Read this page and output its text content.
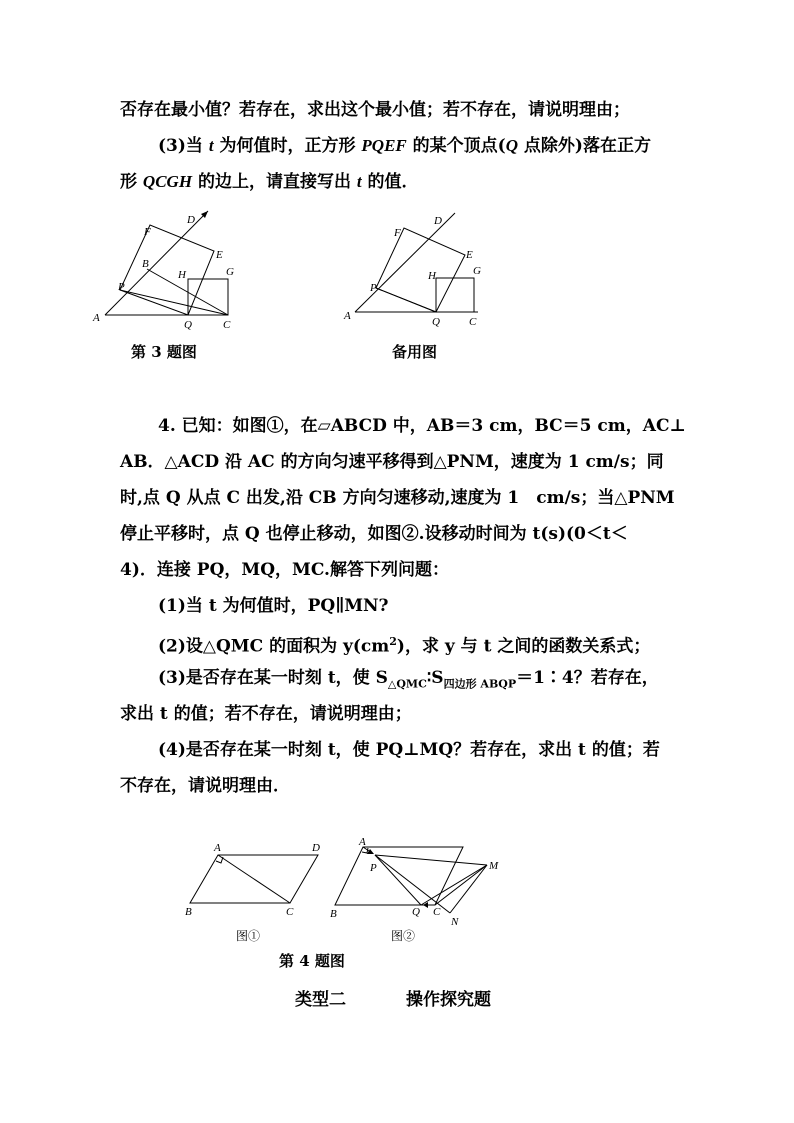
否存在最小值？若存在，求出这个最小值；若不存在，请说明理由；
(3)当 t 为何值时，正方形 PQEF 的某个顶点(Q 点除外)落在正方
形 QCGH 的边上，请直接写出 t 的值．
A
B
C
D
E
F
G
H
P
Q
A	C
D
E
F
G
H
P
Q
第 3 题图	备用图
4. 已知：如图①，在▱ABCD 中，AB＝3 cm，BC＝5 cm，AC⊥
AB．△ACD 沿 AC 的方向匀速平移得到△PNM，速度为 1 cm/s；同
时,点 Q 从点 C 出发,沿 CB 方向匀速移动,速度为 1　cm/s；当△PNM
停止平移时，点 Q 也停止移动，如图②.设移动时间为 t(s)(0＜t＜
4)．连接 PQ，MQ，MC.解答下列问题：
(1)当 t 为何值时，PQ∥MN?
(2)设△QMC 的面积为 $y(cm^2)$，求 y 与 t 之间的函数关系式；
(3)是否存在某一时刻 t，使 $S_{\triangle QMC}∶S_{四边形 ABQP}=1∶4$？若存在，
求出 t 的值；若不存在，请说明理由；
(4)是否存在某一时刻 t，使 PQ⊥MQ？若存在，求出 t 的值；若
不存在，请说明理由．
A	D
B	C
A
P	M
B	Q C
N
图①	图②
第 4 题图
类型二	操作探究题
